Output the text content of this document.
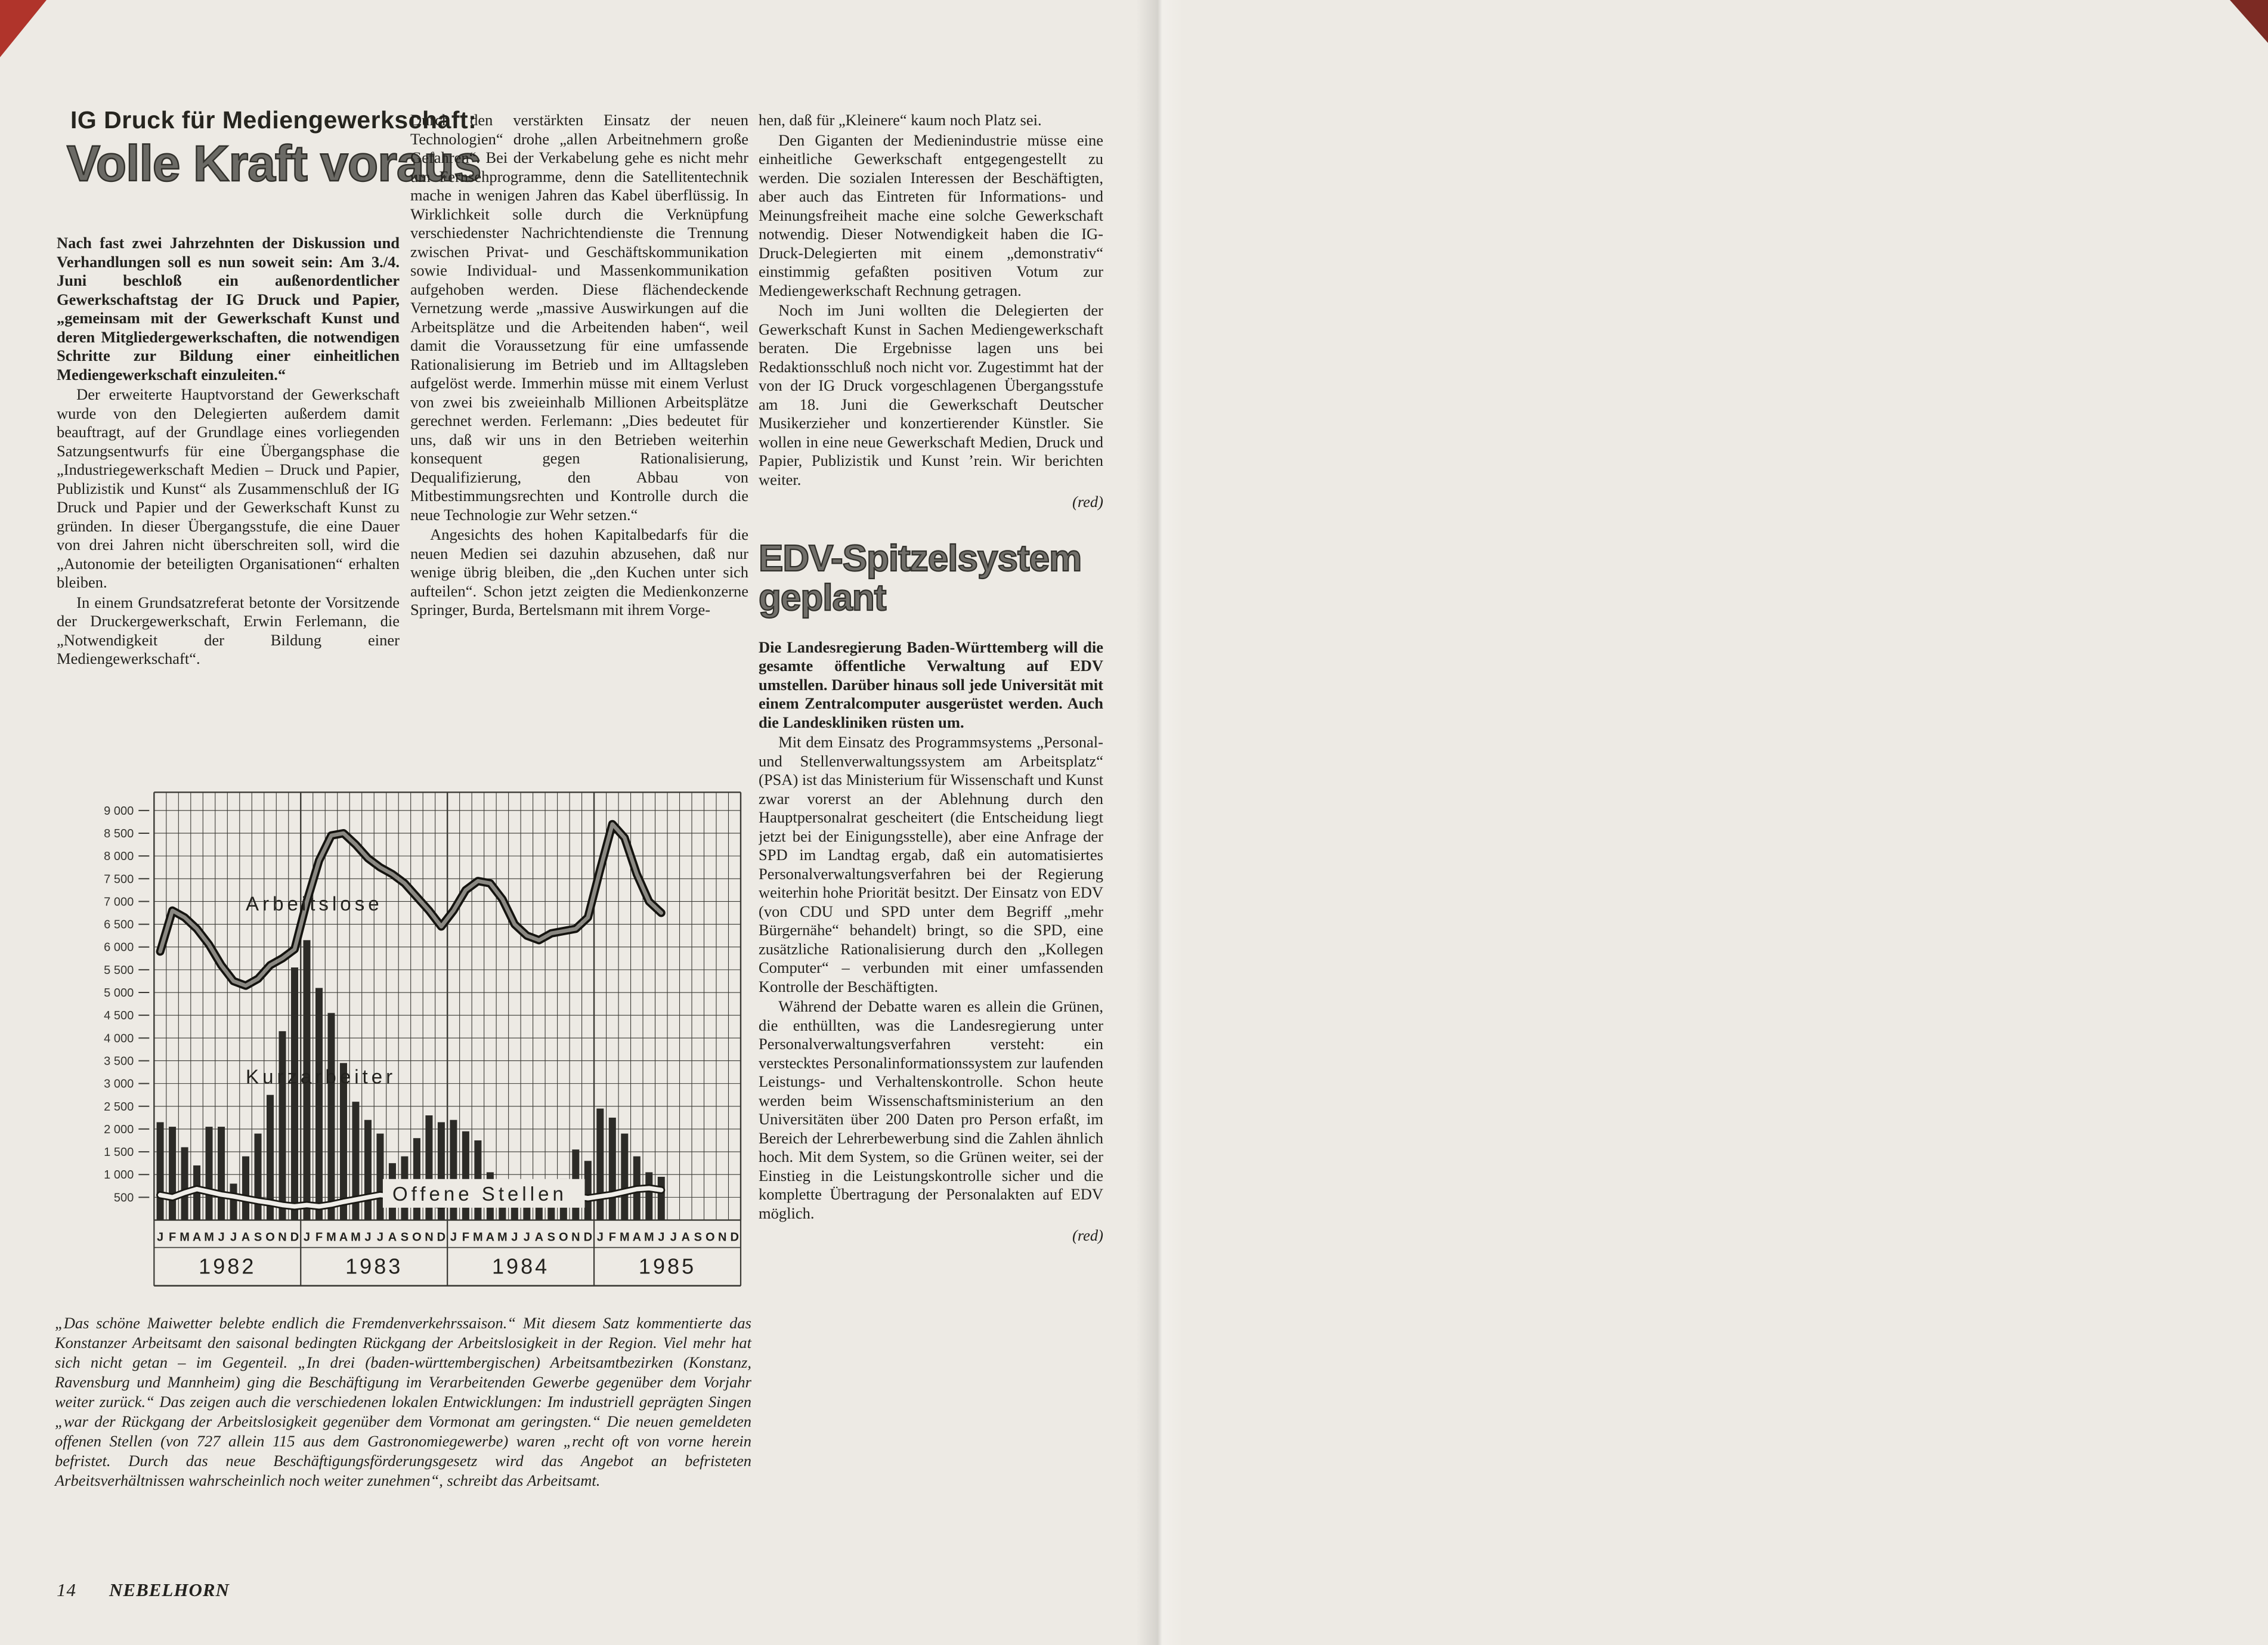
IG Druck für Mediengewerkschaft:
Volle Kraft voraus

Nach fast zwei Jahrzehnten der Diskussion und Verhandlungen soll es nun soweit sein: Am 3./4. Juni beschloß ein außenordentlicher Gewerkschaftstag der IG Druck und Papier, „gemeinsam mit der Gewerkschaft Kunst und deren Mitgliedergewerkschaften, die notwendigen Schritte zur Bildung einer einheitlichen Mediengewerkschaft einzuleiten.“

Der erweiterte Hauptvorstand der Gewerkschaft wurde von den Delegierten außerdem damit beauftragt, auf der Grundlage eines vorliegenden Satzungsentwurfs für eine Übergangsphase die „Industriegewerkschaft Medien – Druck und Papier, Publizistik und Kunst“ als Zusammenschluß der IG Druck und Papier und der Gewerkschaft Kunst zu gründen. In dieser Übergangsstufe, die eine Dauer von drei Jahren nicht überschreiten soll, wird die „Autonomie der beteiligten Organisationen“ erhalten bleiben.

In einem Grundsatzreferat betonte der Vorsitzende der Druckergewerkschaft, Erwin Ferlemann, die „Notwendigkeit der Bildung einer Mediengewerkschaft“.

Durch den verstärkten Einsatz der neuen Technologien“ drohe „allen Arbeitnehmern große Gefahren“. Bei der Verkabelung gehe es nicht mehr um Fernsehprogramme, denn die Satellitentechnik mache in wenigen Jahren das Kabel überflüssig. In Wirklichkeit solle durch die Verknüpfung verschiedenster Nachrichtendienste die Trennung zwischen Privat- und Geschäftskommunikation sowie Individual- und Massenkommunikation aufgehoben werden. Diese flächendeckende Vernetzung werde „massive Auswirkungen auf die Arbeitsplätze und die Arbeitenden haben“, weil damit die Voraussetzung für eine umfassende Rationalisierung im Betrieb und im Alltagsleben aufgelöst werde. Immerhin müsse mit einem Verlust von zwei bis zweieinhalb Millionen Arbeitsplätze gerechnet werden. Ferlemann: „Dies bedeutet für uns, daß wir uns in den Betrieben weiterhin konsequent gegen Rationalisierung, Dequalifizierung, den Abbau von Mitbestimmungsrechten und Kontrolle durch die neue Technologie zur Wehr setzen.“

Angesichts des hohen Kapitalbedarfs für die neuen Medien sei dazuhin abzusehen, daß nur wenige übrig bleiben, die „den Kuchen unter sich aufteilen“. Schon jetzt zeigten die Medienkonzerne Springer, Burda, Bertelsmann mit ihrem Vorge-

hen, daß für „Kleinere“ kaum noch Platz sei.

Den Giganten der Medienindustrie müsse eine einheitliche Gewerkschaft entgegengestellt zu werden. Die sozialen Interessen der Beschäftigten, aber auch das Eintreten für Informations- und Meinungsfreiheit mache eine solche Gewerkschaft notwendig. Dieser Notwendigkeit haben die IG-Druck-Delegierten mit einem „demonstrativ“ einstimmig gefaßten positiven Votum zur Mediengewerkschaft Rechnung getragen.

Noch im Juni wollten die Delegierten der Gewerkschaft Kunst in Sachen Mediengewerkschaft beraten. Die Ergebnisse lagen uns bei Redaktionsschluß noch nicht vor. Zugestimmt hat der von der IG Druck vorgeschlagenen Übergangsstufe am 18. Juni die Gewerkschaft Deutscher Musikerzieher und konzertierender Künstler. Sie wollen in eine neue Gewerkschaft Medien, Druck und Papier, Publizistik und Kunst ’rein. Wir berichten weiter.

(red)

EDV-Spitzelsystem geplant

Die Landesregierung Baden-Württemberg will die gesamte öffentliche Verwaltung auf EDV umstellen. Darüber hinaus soll jede Universität mit einem Zentralcomputer ausgerüstet werden. Auch die Landeskliniken rüsten um.

Mit dem Einsatz des Programmsystems „Personal- und Stellenverwaltungssystem am Arbeitsplatz“ (PSA) ist das Ministerium für Wissenschaft und Kunst zwar vorerst an der Ablehnung durch den Hauptpersonalrat gescheitert (die Entscheidung liegt jetzt bei der Einigungsstelle), aber eine Anfrage der SPD im Landtag ergab, daß ein automatisiertes Personalverwaltungsverfahren bei der Regierung weiterhin hohe Priorität besitzt. Der Einsatz von EDV (von CDU und SPD unter dem Begriff „mehr Bürgernähe“ behandelt) bringt, so die SPD, eine zusätzliche Rationalisierung durch den „Kollegen Computer“ – verbunden mit einer umfassenden Kontrolle der Beschäftigten.

Während der Debatte waren es allein die Grünen, die enthüllten, was die Landesregierung unter Personalverwaltungsverfahren versteht: ein verstecktes Personalinformationssystem zur laufenden Leistungs- und Verhaltenskontrolle. Schon heute werden beim Wissenschaftsministerium an den Universitäten über 200 Daten pro Person erfaßt, im Bereich der Lehrerbewerbung sind die Zahlen ähnlich hoch. Mit dem System, so die Grünen weiter, sei der Einstieg in die Leistungskontrolle sicher und die komplette Übertragung der Personalakten auf EDV möglich.

(red)

500
1 000
1 500
2 000
2 500
3 000
3 500
4 000
4 500
5 000
5 500
6 000
6 500
7 000
7 500
8 000
8 500
9 000
Arbeitslose
Kurzarbeiter
Offene Stellen
J F M A M J J A S O N D J F M A M J J A S O N D J F M A M J J A S O N D J F M A M J J A S O N D
1982	1983	1984	1985

„Das schöne Maiwetter belebte endlich die Fremdenverkehrssaison.“ Mit diesem Satz kommentierte das Konstanzer Arbeitsamt den saisonal bedingten Rückgang der Arbeitslosigkeit in der Region. Viel mehr hat sich nicht getan – im Gegenteil. „In drei (baden-württembergischen) Arbeitsamtbezirken (Konstanz, Ravensburg und Mannheim) ging die Beschäftigung im Verarbeitenden Gewerbe gegenüber dem Vorjahr weiter zurück.“ Das zeigen auch die verschiedenen lokalen Entwicklungen: Im industriell geprägten Singen „war der Rückgang der Arbeitslosigkeit gegenüber dem Vormonat am geringsten.“ Die neuen gemeldeten offenen Stellen (von 727 allein 115 aus dem Gastronomiegewerbe) waren „recht oft von vorne herein befristet. Durch das neue Beschäftigungsförderungsgesetz wird das Angebot an befristeten Arbeitsverhältnissen wahrscheinlich noch weiter zunehmen“, schreibt das Arbeitsamt.

14 NEBELHORN
